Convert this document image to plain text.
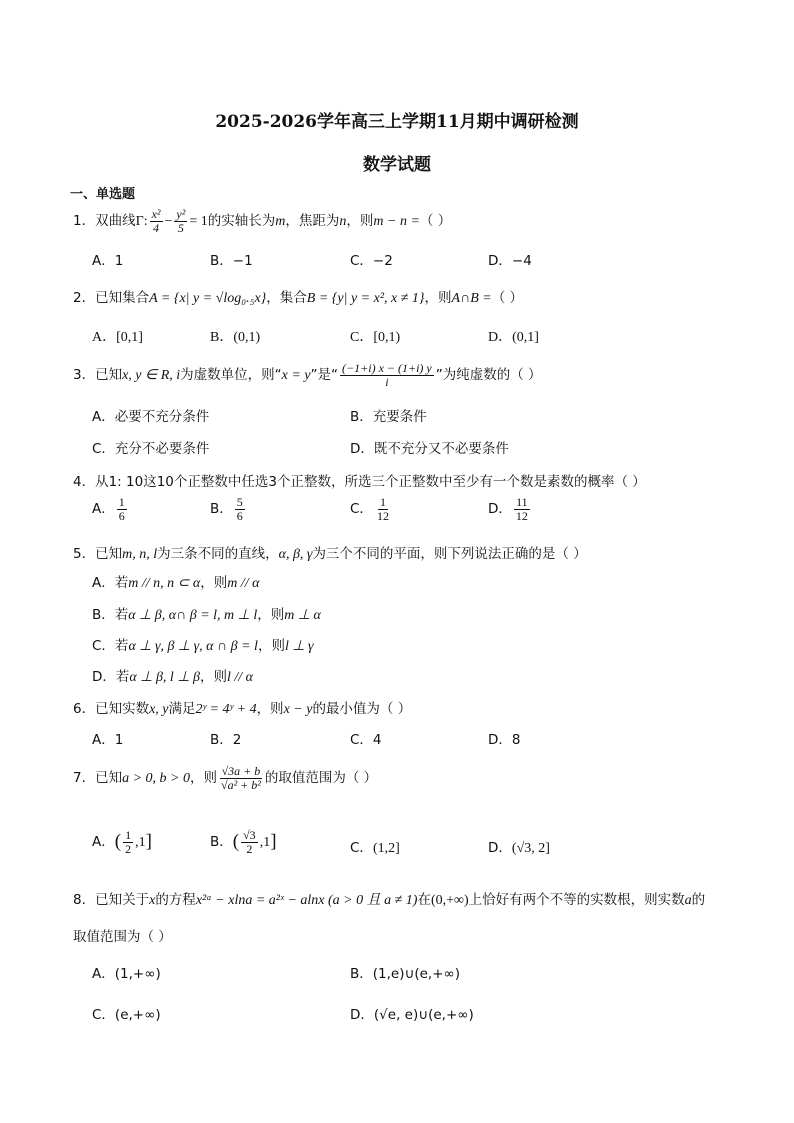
2025-2026学年高三上学期11月期中调研检测
数学试题
一、单选题
1．双曲线Γ: $\frac{\text{x²}}{4} - \frac{\text{y²}}{5} = 1$的实轴长为m，焦距为n，则m − n =（ ）
A．1	B．−1	C．−2	D．−4
2．已知集合A = {x| y = √log₀.₅x}，集合B = {y| y = x², x ≠ 1}，则A∩B =（ ）
A．[0,1]	B．(0,1)	C．[0,1)	D．(0,1]
3．已知x, y ∈ R, i为虚数单位，则“x = y”是“ $\frac{(-1+i) x - (1+i) y}{i}$ ”为纯虚数的（ ）
A．必要不充分条件	B．充要条件
C．充分不必要条件	D．既不充分又不必要条件
4．从1: 10这10个正整数中任选3个正整数，所选三个正整数中至少有一个数是素数的概率（ ）
A． $\frac{1}{6}$	B． $\frac{5}{6}$	C． $\frac{1}{12}$	D． $\frac{11}{12}$
5．已知m, n, l为三条不同的直线，α, β, γ为三个不同的平面，则下列说法正确的是（ ）
A．若m // n, n ⊂ α，则m // α
B．若α ⊥ β, α∩ β = l, m ⊥ l，则m ⊥ α
C．若α ⊥ γ, β ⊥ γ, α ∩ β = l，则l ⊥ γ
D．若α ⊥ β, l ⊥ β，则l // α
6．已知实数x, y满足2ʸ = 4ʸ + 4，则x − y的最小值为（ ）
A．1	B．2	C．4	D．8
7．已知a > 0, b > 0，则 $\frac{√3a + b}{\text{√a² + b²}}$ 的取值范围为（ ）
A．( $\frac{1}{2} ,1$]	B．( $\frac{√3}{2} ,1$]	C．(1,2]	D．(√3, 2]
8．已知关于x的方程x²ᵃ − xlna = a²ˣ − alnx (a > 0 且 a ≠ 1)在(0,+∞)上恰好有两个不等的实数根，则实数a的
取值范围为（ ）
A．(1,+∞)	B．(1,e)∪(e,+∞)
C．(e,+∞)	D．(√e, e)∪(e,+∞)
